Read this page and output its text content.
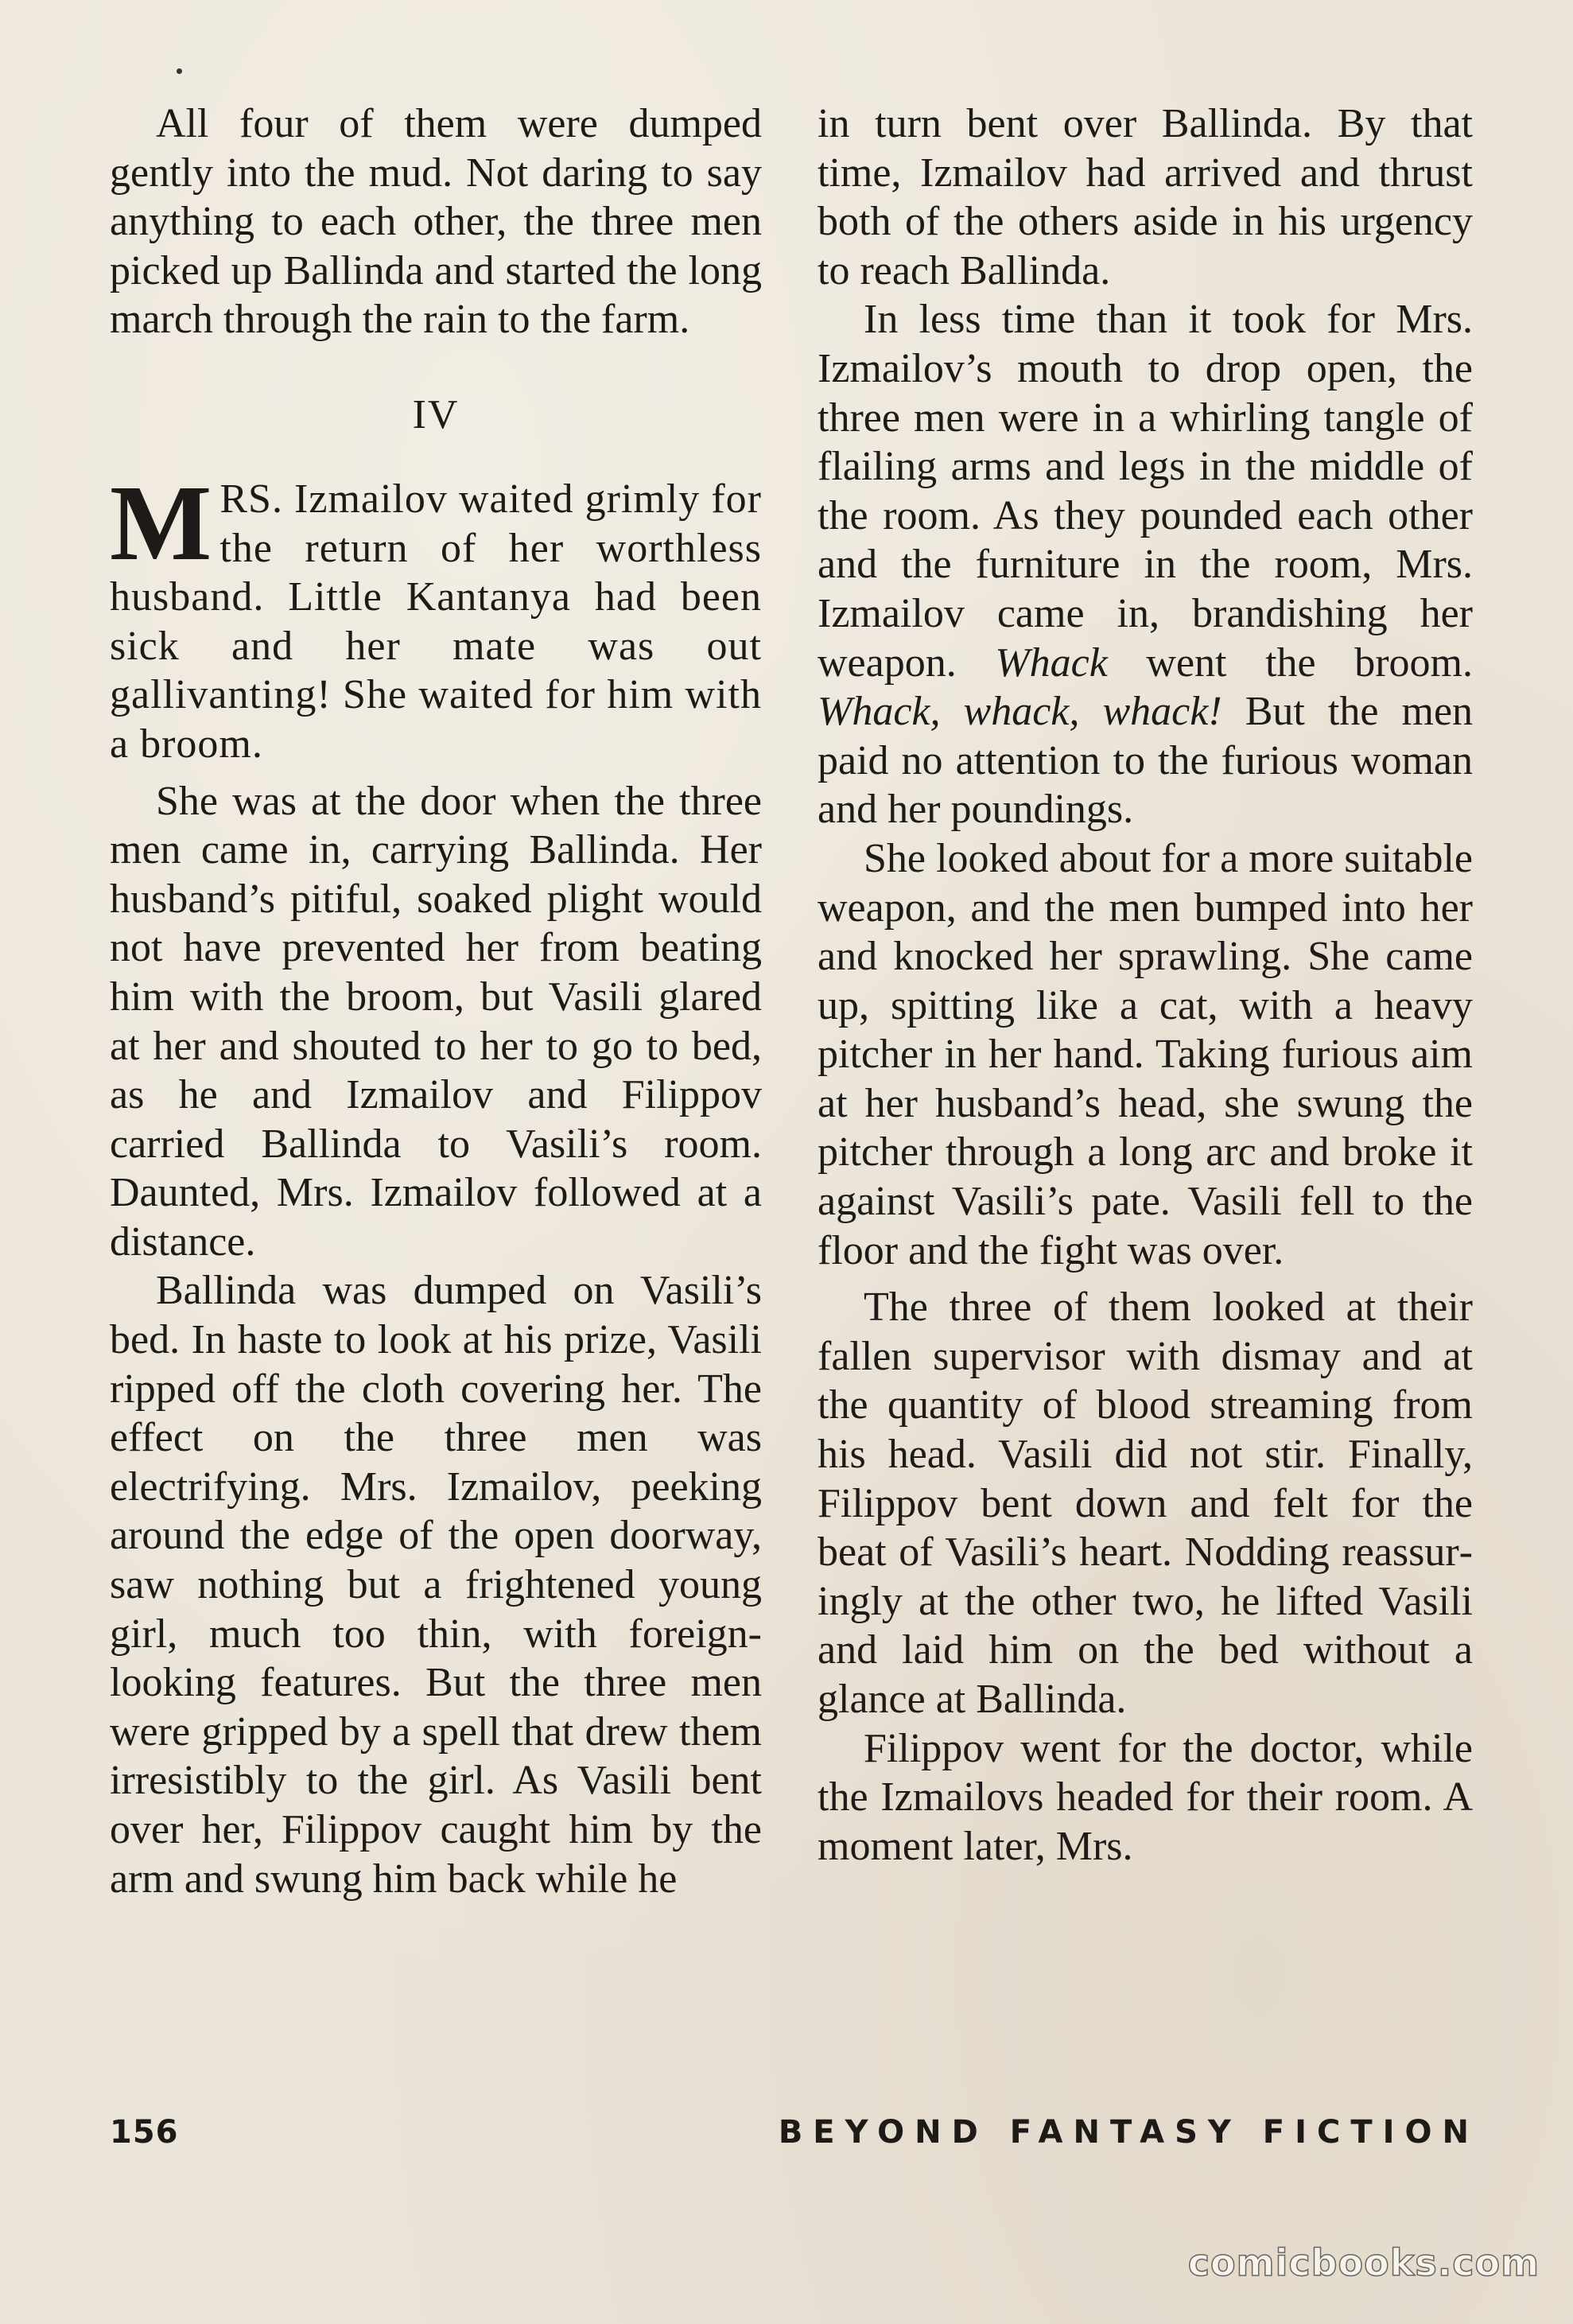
All four of them were dumped gently into the mud. Not daring to say anything to each other, the three men picked up Ballinda and started the long march through the rain to the farm.

IV

MRS. Izmailov waited grimly for the return of her worthless husband. Little Kantanya had been sick and her mate was out gallivanting! She waited for him with a broom.

She was at the door when the three men came in, carrying Ballinda. Her husband’s pitiful, soaked plight would not have prevented her from beating him with the broom, but Vasili glared at her and shouted to her to go to bed, as he and Izmailov and Filippov carried Ballinda to Vasili’s room. Daunted, Mrs. Izmailov followed at a distance.

Ballinda was dumped on Vasili’s bed. In haste to look at his prize, Vasili ripped off the cloth covering her. The effect on the three men was electrifying. Mrs. Izmailov, peeking around the edge of the open doorway, saw nothing but a frightened young girl, much too thin, with foreign-looking features. But the three men were gripped by a spell that drew them irresistibly to the girl. As Vasili bent over her, Filippov caught him by the arm and swung him back while he

in turn bent over Ballinda. By that time, Izmailov had arrived and thrust both of the others aside in his urgency to reach Ballinda.

In less time than it took for Mrs. Izmailov’s mouth to drop open, the three men were in a whirling tangle of flailing arms and legs in the middle of the room. As they pounded each other and the furniture in the room, Mrs. Izmailov came in, brandishing her weapon. Whack went the broom. Whack, whack, whack! But the men paid no attention to the furious woman and her poundings.

She looked about for a more suitable weapon, and the men bumped into her and knocked her sprawling. She came up, spitting like a cat, with a heavy pitcher in her hand. Taking furious aim at her husband’s head, she swung the pitcher through a long arc and broke it against Vasili’s pate. Vasili fell to the floor and the fight was over.

The three of them looked at their fallen supervisor with dismay and at the quantity of blood streaming from his head. Vasili did not stir. Finally, Filippov bent down and felt for the beat of Vasili’s heart. Nodding reassuringly at the other two, he lifted Vasili and laid him on the bed without a glance at Ballinda.

Filippov went for the doctor, while the Izmailovs headed for their room. A moment later, Mrs.

156	BEYOND FANTASY FICTION
comicbooks.com
